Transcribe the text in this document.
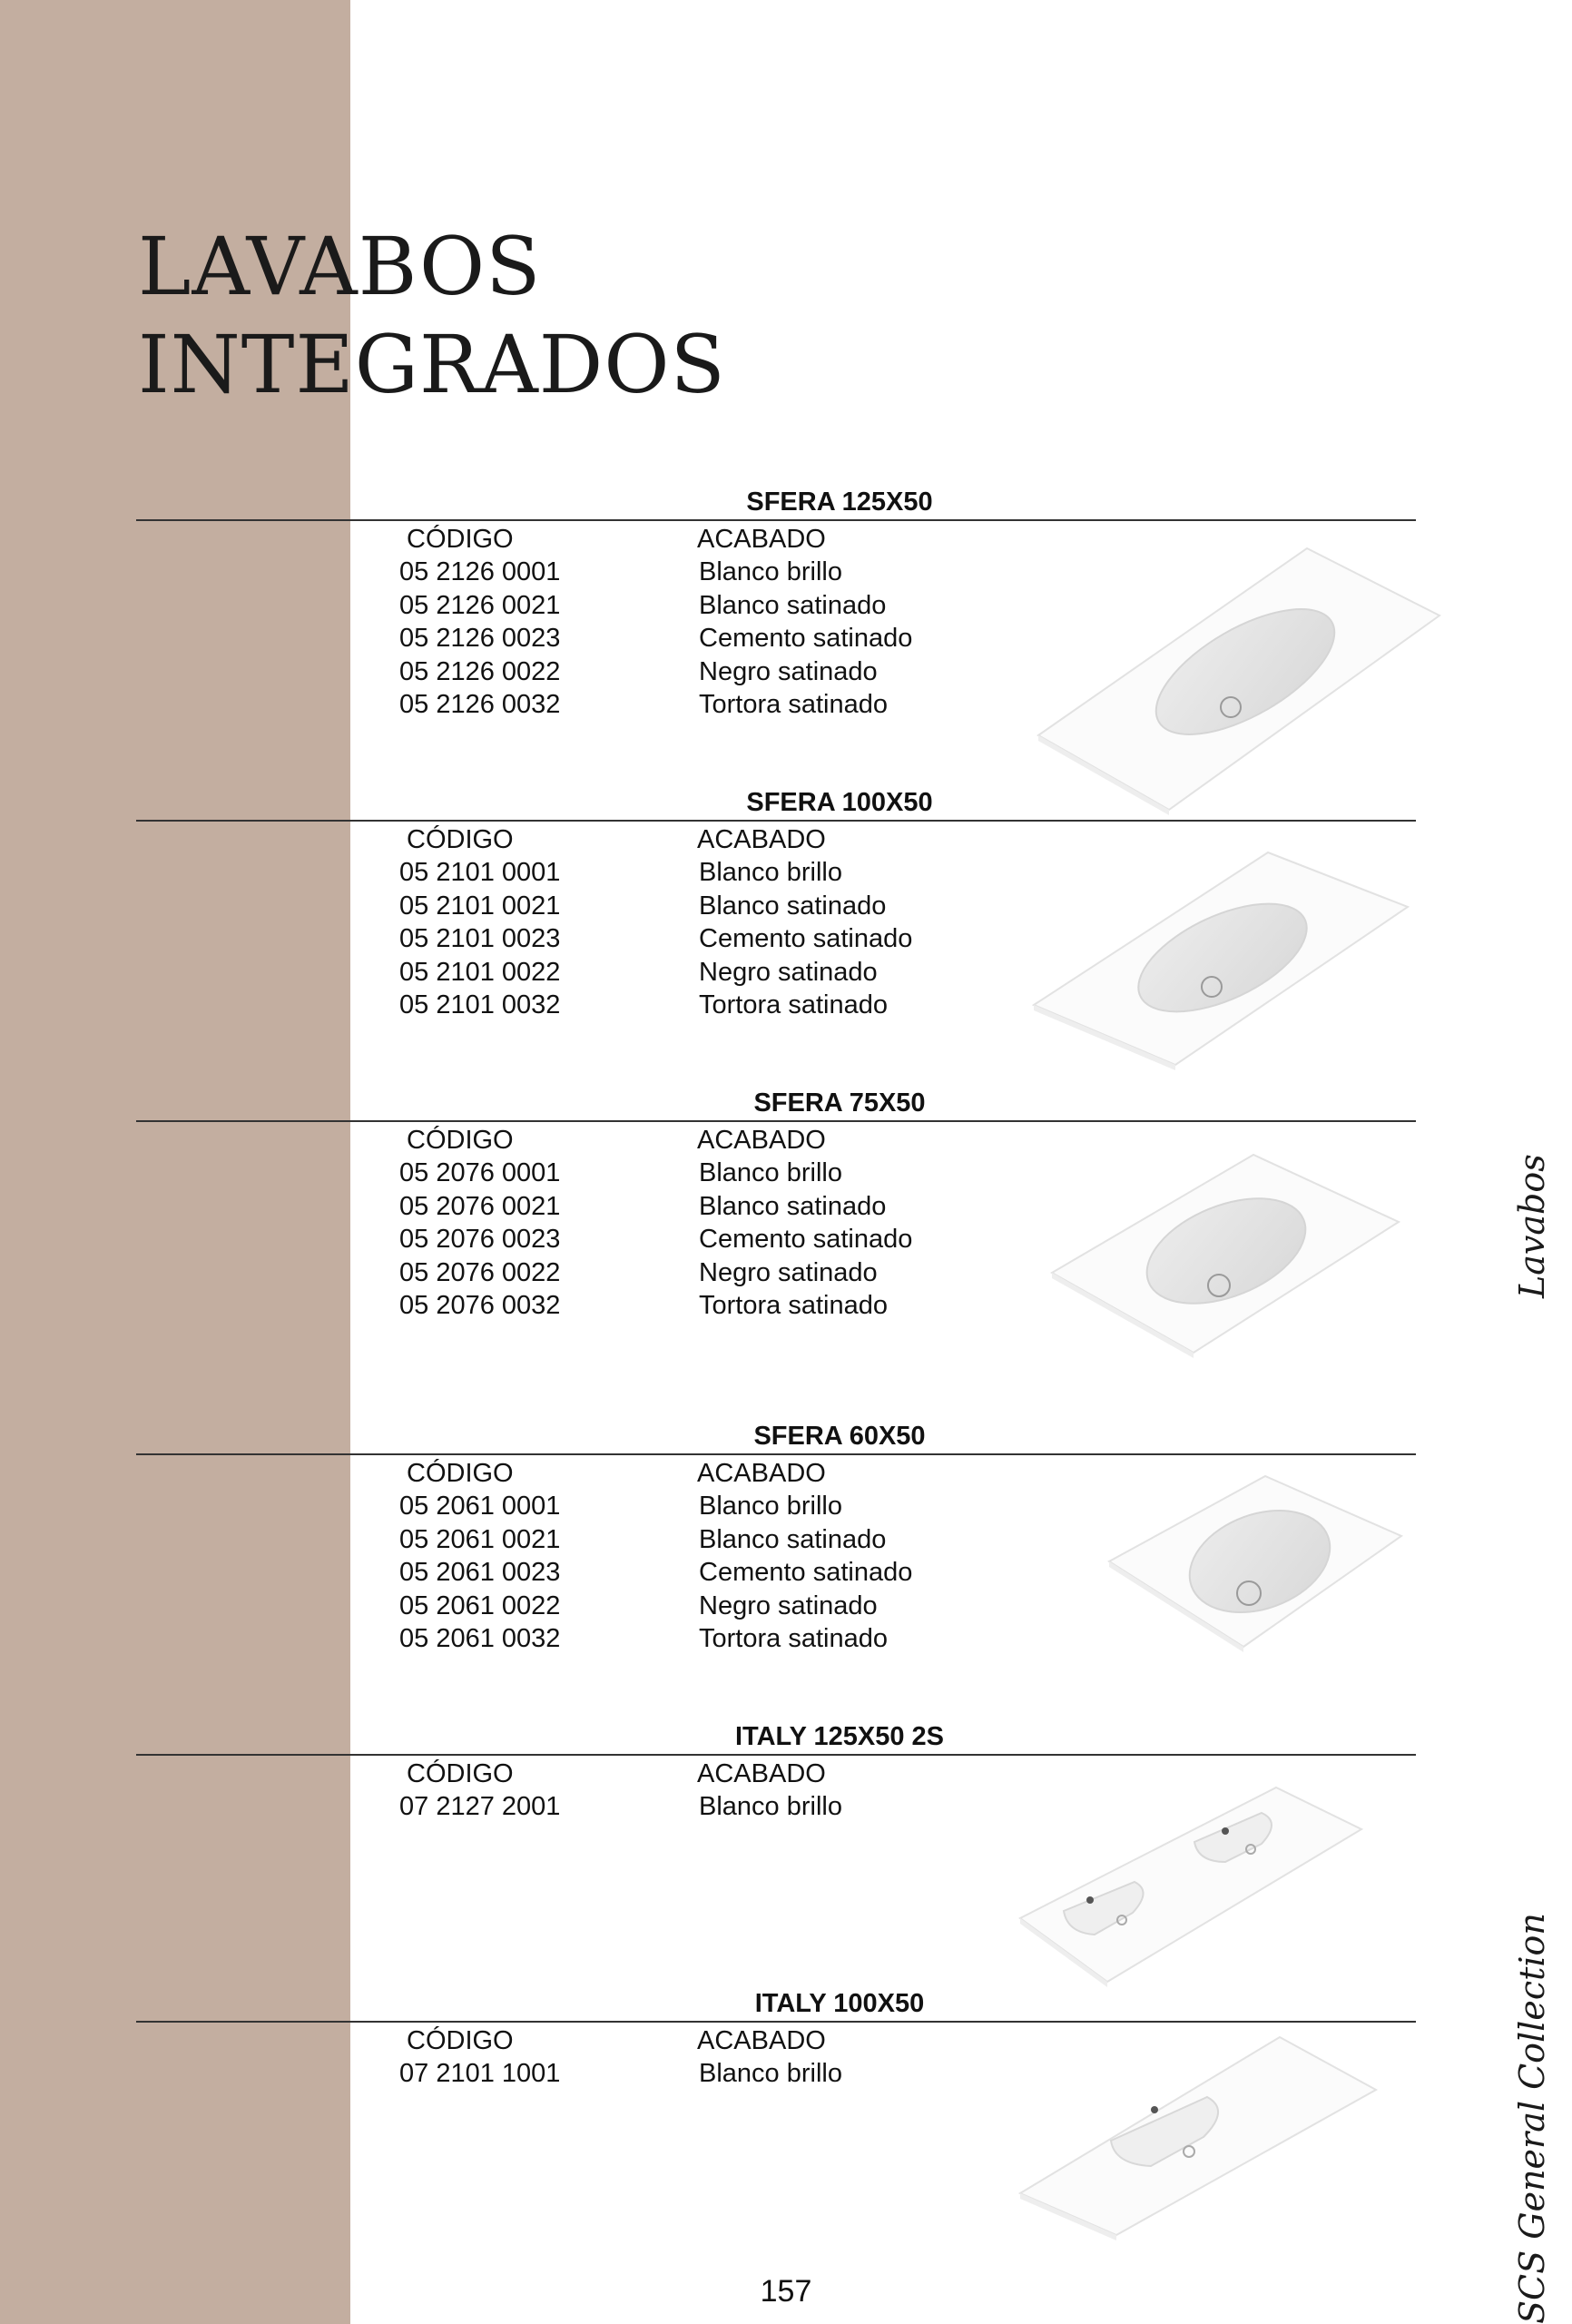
LAVABOS
INTEGRADOS
SFERA 125X50
CÓDIGO	ACABADO
05 2126 0001	Blanco brillo
05 2126 0021	Blanco satinado
05 2126 0023	Cemento satinado
05 2126 0022	Negro satinado
05 2126 0032	Tortora satinado
SFERA 100X50
CÓDIGO	ACABADO
05 2101 0001	Blanco brillo
05 2101 0021	Blanco satinado
05 2101 0023	Cemento satinado
05 2101 0022	Negro satinado
05 2101 0032	Tortora satinado
SFERA 75X50
CÓDIGO	ACABADO
05 2076 0001	Blanco brillo
05 2076 0021	Blanco satinado
05 2076 0023	Cemento satinado
05 2076 0022	Negro satinado
05 2076 0032	Tortora satinado
SFERA 60X50
CÓDIGO	ACABADO
05 2061 0001	Blanco brillo
05 2061 0021	Blanco satinado
05 2061 0023	Cemento satinado
05 2061 0022	Negro satinado
05 2061 0032	Tortora satinado
ITALY 125X50 2S
CÓDIGO	ACABADO
07 2127 2001	Blanco brillo
ITALY 100X50
CÓDIGO	ACABADO
07 2101 1001	Blanco brillo
Lavabos
SCS General Collection
157
